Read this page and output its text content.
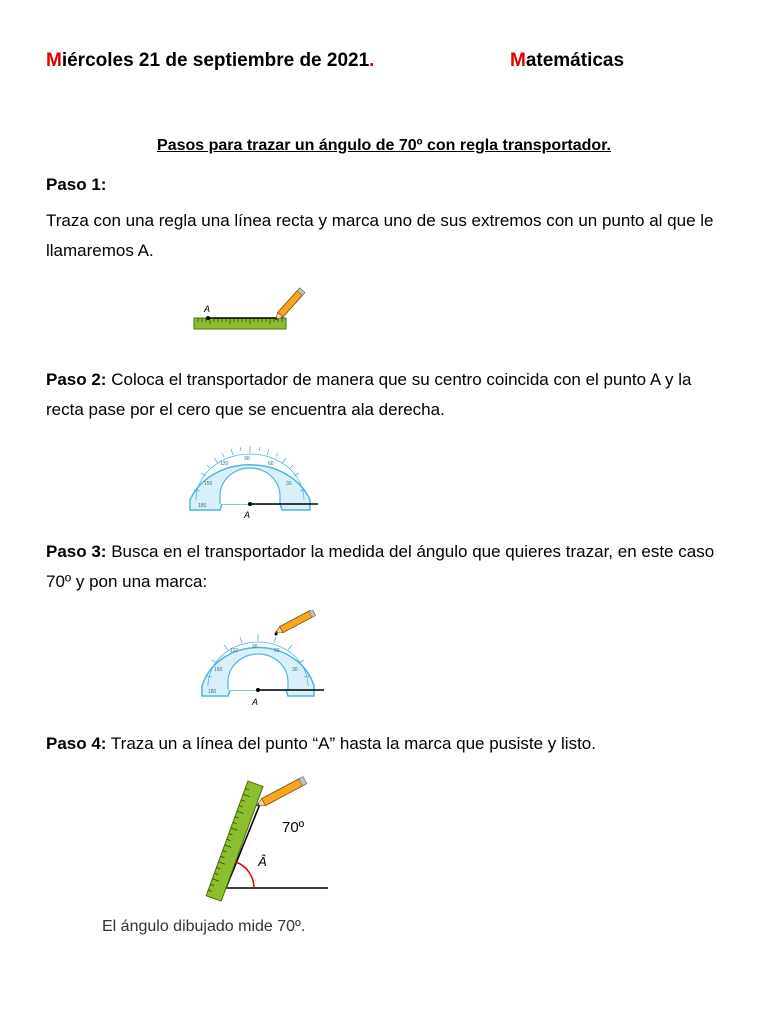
Miércoles 21 de septiembre de 2021.	Matemáticas
Pasos para trazar un ángulo de 70º con regla transportador.
Paso 1:
Traza con una regla una línea recta y marca uno de sus extremos con un punto al que le llamaremos A.
A
Paso 2: Coloca el transportador de manera que su centro coincida con el punto A y la recta pase por el cero que se encuentra ala derecha.
90
120	60
150	30
180
A
Paso 3: Busca en el transportador la medida del ángulo que quieres trazar, en este caso 70º y pon una marca:
90
120	60
150	30
180
A
Paso 4: Traza un a línea del punto “A” hasta la marca que pusiste y listo.
70º
Â
El ángulo dibujado mide 70º.
